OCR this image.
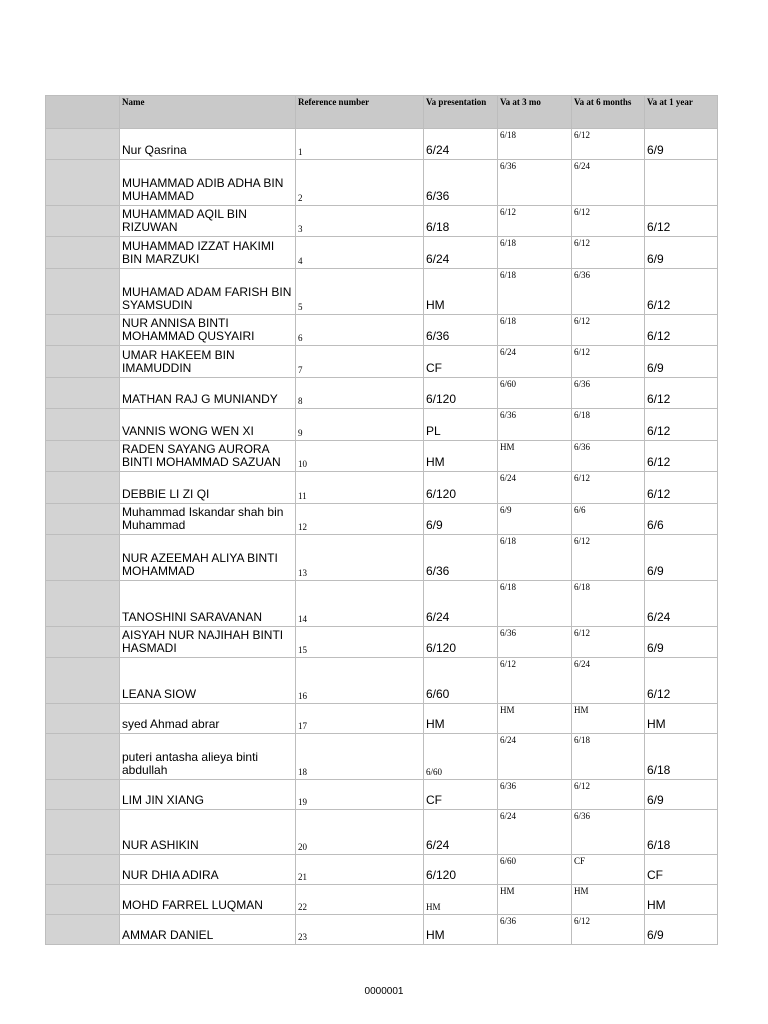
	Name	Reference number	Va presentation	Va at 3 mo	Va at 6 months	Va at 1 year

	Nur Qasrina	1	6/24	6/18	6/12	6/9

	MUHAMMAD ADIB ADHA BIN MUHAMMAD	2	6/36	6/36	6/24	

	MUHAMMAD AQIL BIN RIZUWAN	3	6/18	6/12	6/12	6/12

	MUHAMMAD IZZAT HAKIMI BIN MARZUKI	4	6/24	6/18	6/12	6/9

	MUHAMAD ADAM FARISH BIN SYAMSUDIN	5	HM	6/18	6/36	6/12

	NUR ANNISA BINTI MOHAMMAD QUSYAIRI	6	6/36	6/18	6/12	6/12

	UMAR HAKEEM BIN IMAMUDDIN	7	CF	6/24	6/12	6/9

	MATHAN RAJ G MUNIANDY	8	6/120	6/60	6/36	6/12

	VANNIS WONG WEN XI	9	PL	6/36	6/18	6/12

	RADEN SAYANG AURORA BINTI MOHAMMAD SAZUAN	10	HM	HM	6/36	6/12

	DEBBIE LI ZI QI	11	6/120	6/24	6/12	6/12

	Muhammad Iskandar shah bin Muhammad	12	6/9	6/9	6/6	6/6

	NUR AZEEMAH ALIYA BINTI MOHAMMAD	13	6/36	6/18	6/12	6/9

	TANOSHINI SARAVANAN	14	6/24	6/18	6/18	6/24

	AISYAH NUR NAJIHAH BINTI HASMADI	15	6/120	6/36	6/12	6/9

	LEANA SIOW	16	6/60	6/12	6/24	6/12

	syed Ahmad abrar	17	HM	HM	HM	HM

	puteri antasha alieya binti abdullah	18	6/60	6/24	6/18	6/18

	LIM JIN XIANG	19	CF	6/36	6/12	6/9

	NUR ASHIKIN	20	6/24	6/24	6/36	6/18

	NUR DHIA ADIRA	21	6/120	6/60	CF	CF

	MOHD FARREL LUQMAN	22	HM	HM	HM	HM

	AMMAR DANIEL	23	HM	6/36	6/12	6/9
0000001
